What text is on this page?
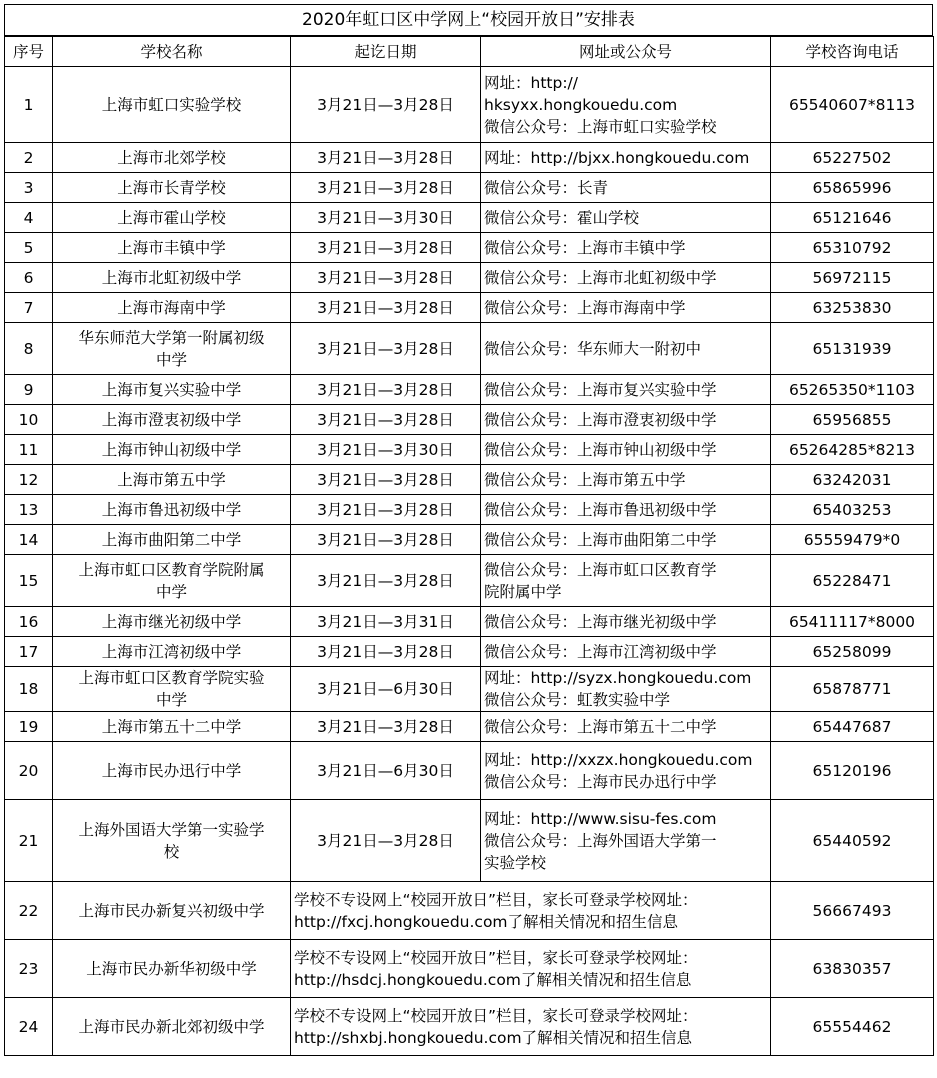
2020年虹口区中学网上“校园开放日”安排表
序号	学校名称	起讫日期	网址或公众号	学校咨询电话
1	上海市虹口实验学校	3月21日—3月28日	网址：http://
hksyxx.hongkouedu.com
微信公众号：上海市虹口实验学校	65540607*8113
2	上海市北郊学校	3月21日—3月28日	网址：http://bjxx.hongkouedu.com	65227502
3	上海市长青学校	3月21日—3月28日	微信公众号：长青	65865996
4	上海市霍山学校	3月21日—3月30日	微信公众号：霍山学校	65121646
5	上海市丰镇中学	3月21日—3月28日	微信公众号：上海市丰镇中学	65310792
6	上海市北虹初级中学	3月21日—3月28日	微信公众号：上海市北虹初级中学	56972115
7	上海市海南中学	3月21日—3月28日	微信公众号：上海市海南中学	63253830
8	华东师范大学第一附属初级
中学	3月21日—3月28日	微信公众号：华东师大一附初中	65131939
9	上海市复兴实验中学	3月21日—3月28日	微信公众号：上海市复兴实验中学	65265350*1103
10	上海市澄衷初级中学	3月21日—3月28日	微信公众号：上海市澄衷初级中学	65956855
11	上海市钟山初级中学	3月21日—3月30日	微信公众号：上海市钟山初级中学	65264285*8213
12	上海市第五中学	3月21日—3月28日	微信公众号：上海市第五中学	63242031
13	上海市鲁迅初级中学	3月21日—3月28日	微信公众号：上海市鲁迅初级中学	65403253
14	上海市曲阳第二中学	3月21日—3月28日	微信公众号：上海市曲阳第二中学	65559479*0
15	上海市虹口区教育学院附属
中学	3月21日—3月28日	微信公众号：上海市虹口区教育学
院附属中学	65228471
16	上海市继光初级中学	3月21日—3月31日	微信公众号：上海市继光初级中学	65411117*8000
17	上海市江湾初级中学	3月21日—3月28日	微信公众号：上海市江湾初级中学	65258099
18	上海市虹口区教育学院实验
中学	3月21日—6月30日	网址：http://syzx.hongkouedu.com
微信公众号：虹教实验中学	65878771
19	上海市第五十二中学	3月21日—3月28日	微信公众号：上海市第五十二中学	65447687
20	上海市民办迅行中学	3月21日—6月30日	网址：http://xxzx.hongkouedu.com
微信公众号：上海市民办迅行中学	65120196
21	上海外国语大学第一实验学
校	3月21日—3月28日	网址：http://www.sisu-fes.com
微信公众号：上海外国语大学第一
实验学校	65440592
22	上海市民办新复兴初级中学	学校不专设网上“校园开放日”栏目，家长可登录学校网址：
http://fxcj.hongkouedu.com了解相关情况和招生信息		56667493
23	上海市民办新华初级中学	学校不专设网上“校园开放日”栏目，家长可登录学校网址：
http://hsdcj.hongkouedu.com了解相关情况和招生信息		63830357
24	上海市民办新北郊初级中学	学校不专设网上“校园开放日”栏目，家长可登录学校网址：
http://shxbj.hongkouedu.com了解相关情况和招生信息		65554462
